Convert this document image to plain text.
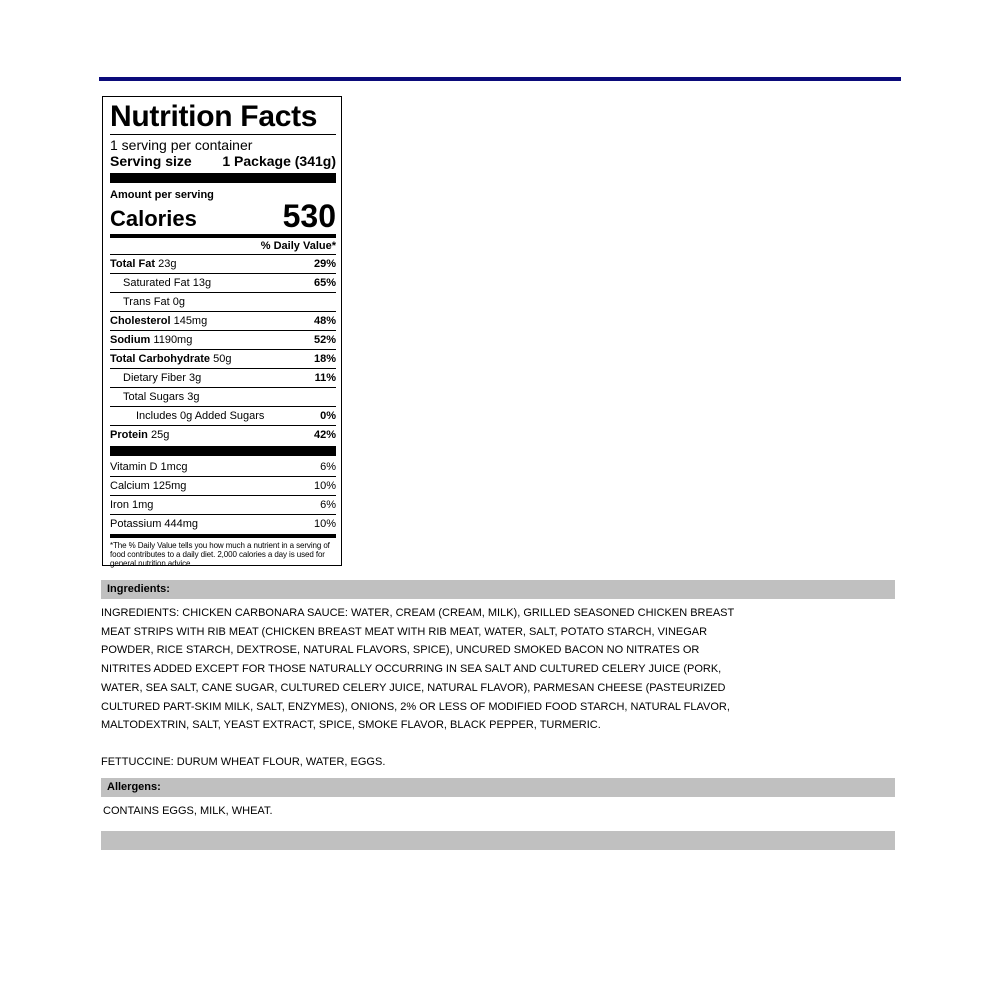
Nutrition Facts
1 serving per container
Serving size 1 Package (341g)
Amount per serving
Calories	530
% Daily Value*
Total Fat 23g	29%
Saturated Fat 13g	65%
Trans Fat 0g
Cholesterol 145mg	48%
Sodium 1190mg	52%
Total Carbohydrate 50g	18%
Dietary Fiber 3g	11%
Total Sugars 3g
Includes 0g Added Sugars	0%
Protein 25g	42%
Vitamin D 1mcg	6%
Calcium 125mg	10%
Iron 1mg	6%
Potassium 444mg	10%
*The % Daily Value tells you how much a nutrient in a serving of food contributes to a daily diet. 2,000 calories a day is used for general nutrition advice.
Ingredients:
INGREDIENTS: CHICKEN CARBONARA SAUCE: WATER, CREAM (CREAM, MILK), GRILLED SEASONED CHICKEN BREAST MEAT STRIPS WITH RIB MEAT (CHICKEN BREAST MEAT WITH RIB MEAT, WATER, SALT, POTATO STARCH, VINEGAR POWDER, RICE STARCH, DEXTROSE, NATURAL FLAVORS, SPICE), UNCURED SMOKED BACON NO NITRATES OR NITRITES ADDED EXCEPT FOR THOSE NATURALLY OCCURRING IN SEA SALT AND CULTURED CELERY JUICE (PORK, WATER, SEA SALT, CANE SUGAR, CULTURED CELERY JUICE, NATURAL FLAVOR), PARMESAN CHEESE (PASTEURIZED CULTURED PART-SKIM MILK, SALT, ENZYMES), ONIONS, 2% OR LESS OF MODIFIED FOOD STARCH, NATURAL FLAVOR, MALTODEXTRIN, SALT, YEAST EXTRACT, SPICE, SMOKE FLAVOR, BLACK PEPPER, TURMERIC.
FETTUCCINE: DURUM WHEAT FLOUR, WATER, EGGS.
Allergens:
CONTAINS EGGS, MILK, WHEAT.
